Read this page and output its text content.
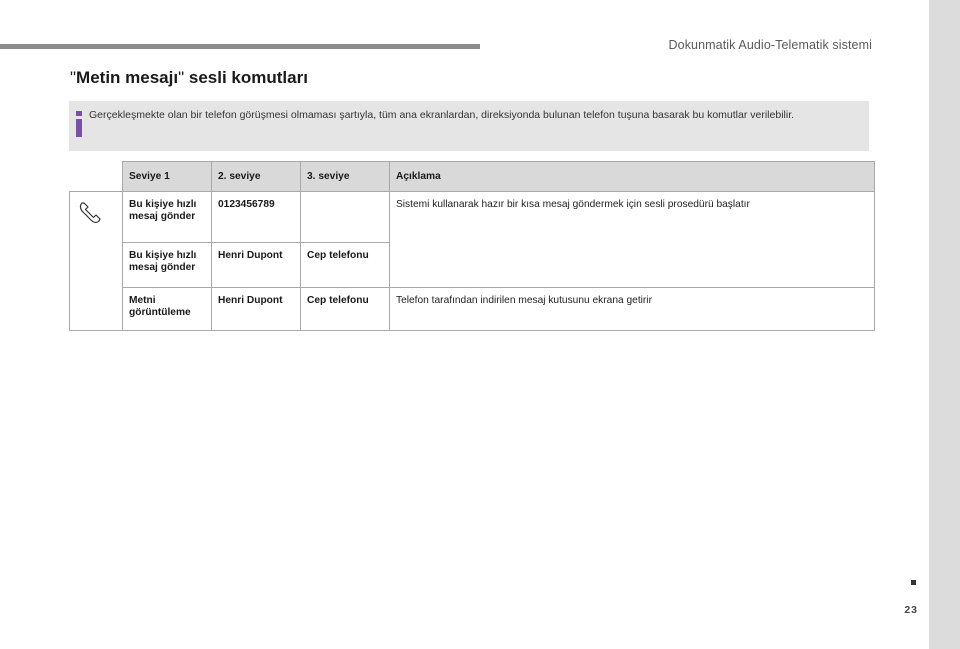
Dokunmatik Audio-Telematik sistemi
23
"Metin mesajı" sesli komutları
Gerçekleşmekte olan bir telefon görüşmesi olmaması şartıyla, tüm ana ekranlardan, direksiyonda bulunan telefon tuşuna basarak bu komutlar verilebilir.
	Seviye 1	2. seviye	3. seviye	Açıklama
	Bu kişiye hızlı mesaj gönder	0123456789		Sistemi kullanarak hazır bir kısa mesaj göndermek için sesli prosedürü başlatır
	Bu kişiye hızlı mesaj gönder	Henri Dupont	Cep telefonu	
	Metni görüntüleme	Henri Dupont	Cep telefonu	Telefon tarafından indirilen mesaj kutusunu ekrana getirir
